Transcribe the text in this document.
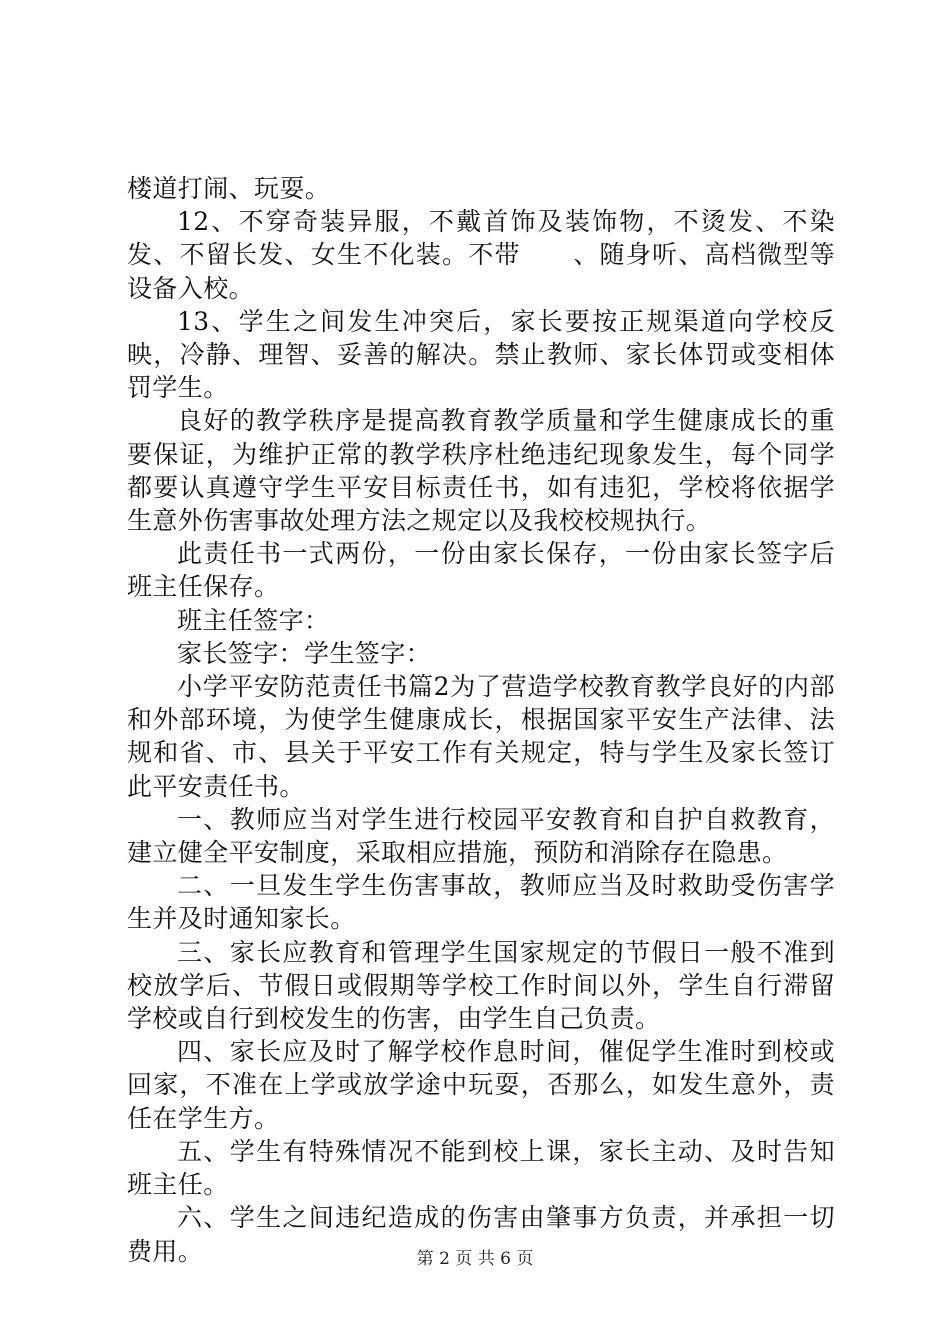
楼道打闹、玩耍。

12、不穿奇装异服，不戴首饰及装饰物，不烫发、不染发、不留长发、女生不化装。不带　　、随身听、高档微型等设备入校。

13、学生之间发生冲突后，家长要按正规渠道向学校反映，冷静、理智、妥善的解决。禁止教师、家长体罚或变相体罚学生。

良好的教学秩序是提高教育教学质量和学生健康成长的重要保证，为维护正常的教学秩序杜绝违纪现象发生，每个同学都要认真遵守学生平安目标责任书，如有违犯，学校将依据学生意外伤害事故处理方法之规定以及我校校规执行。

此责任书一式两份，一份由家长保存，一份由家长签字后班主任保存。

班主任签字：

家长签字：学生签字：

小学平安防范责任书篇2为了营造学校教育教学良好的内部和外部环境，为使学生健康成长，根据国家平安生产法律、法规和省、市、县关于平安工作有关规定，特与学生及家长签订此平安责任书。

一、教师应当对学生进行校园平安教育和自护自救教育，建立健全平安制度，采取相应措施，预防和消除存在隐患。

二、一旦发生学生伤害事故，教师应当及时救助受伤害学生并及时通知家长。

三、家长应教育和管理学生国家规定的节假日一般不准到校放学后、节假日或假期等学校工作时间以外，学生自行滞留学校或自行到校发生的伤害，由学生自己负责。

四、家长应及时了解学校作息时间，催促学生准时到校或回家，不准在上学或放学途中玩耍，否那么，如发生意外，责任在学生方。

五、学生有特殊情况不能到校上课，家长主动、及时告知班主任。

六、学生之间违纪造成的伤害由肇事方负责，并承担一切费用。	第 2 页 共 6 页
